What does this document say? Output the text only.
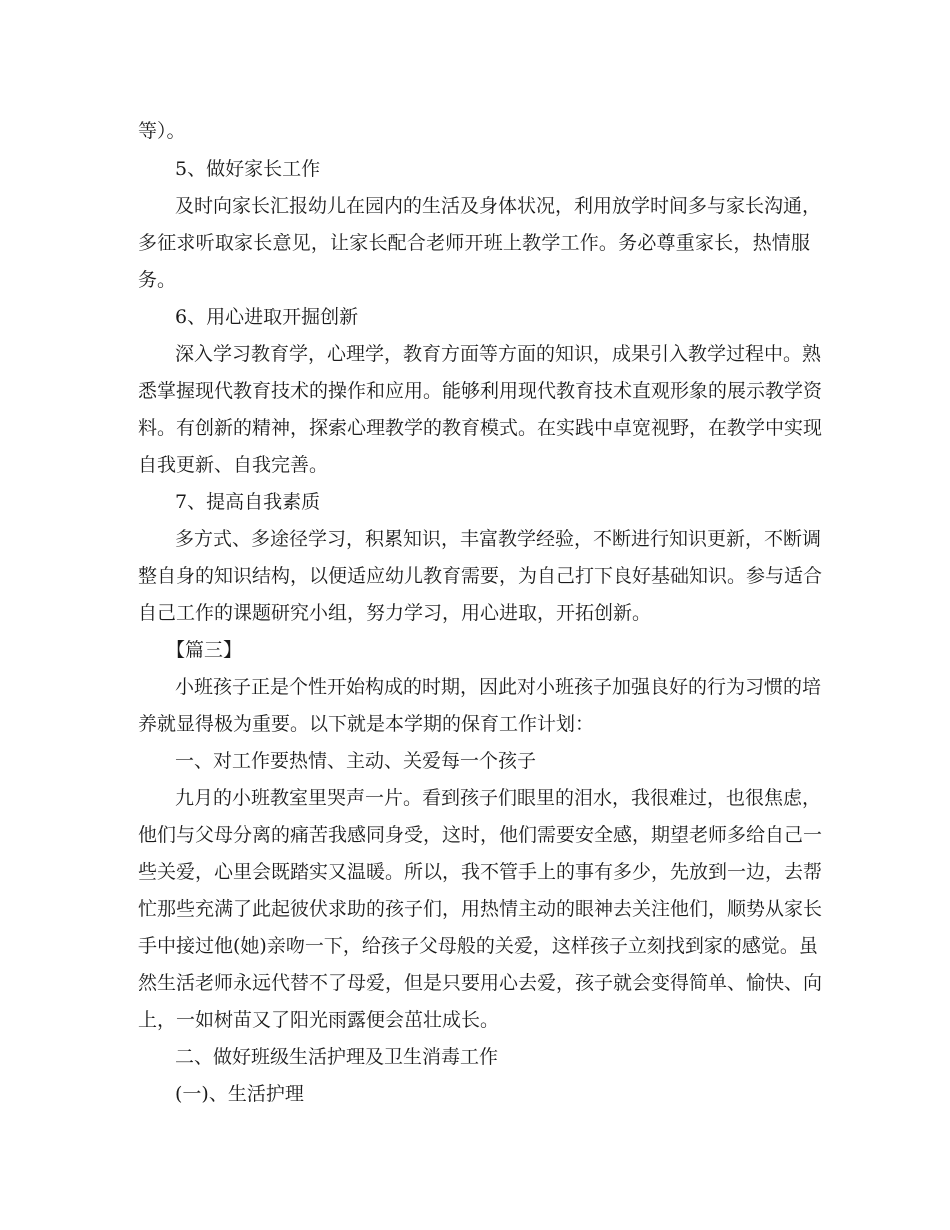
等）。

5、做好家长工作

及时向家长汇报幼儿在园内的生活及身体状况，利用放学时间多与家长沟通，

多征求听取家长意见，让家长配合老师开班上教学工作。务必尊重家长，热情服

务。

6、用心进取开掘创新

深入学习教育学，心理学，教育方面等方面的知识，成果引入教学过程中。熟

悉掌握现代教育技术的操作和应用。能够利用现代教育技术直观形象的展示教学资

料。有创新的精神，探索心理教学的教育模式。在实践中卓宽视野，在教学中实现

自我更新、自我完善。

7、提高自我素质

多方式、多途径学习，积累知识，丰富教学经验，不断进行知识更新，不断调

整自身的知识结构，以便适应幼儿教育需要，为自己打下良好基础知识。参与适合

自己工作的课题研究小组，努力学习，用心进取，开拓创新。

【篇三】

小班孩子正是个性开始构成的时期，因此对小班孩子加强良好的行为习惯的培

养就显得极为重要。以下就是本学期的保育工作计划：

一、对工作要热情、主动、关爱每一个孩子

九月的小班教室里哭声一片。看到孩子们眼里的泪水，我很难过，也很焦虑，

他们与父母分离的痛苦我感同身受，这时，他们需要安全感，期望老师多给自己一

些关爱，心里会既踏实又温暖。所以，我不管手上的事有多少，先放到一边，去帮

忙那些充满了此起彼伏求助的孩子们，用热情主动的眼神去关注他们，顺势从家长

手中接过他(她)亲吻一下，给孩子父母般的关爱，这样孩子立刻找到家的感觉。虽

然生活老师永远代替不了母爱，但是只要用心去爱，孩子就会变得简单、愉快、向

上，一如树苗又了阳光雨露便会茁壮成长。

二、做好班级生活护理及卫生消毒工作

(一)、生活护理
